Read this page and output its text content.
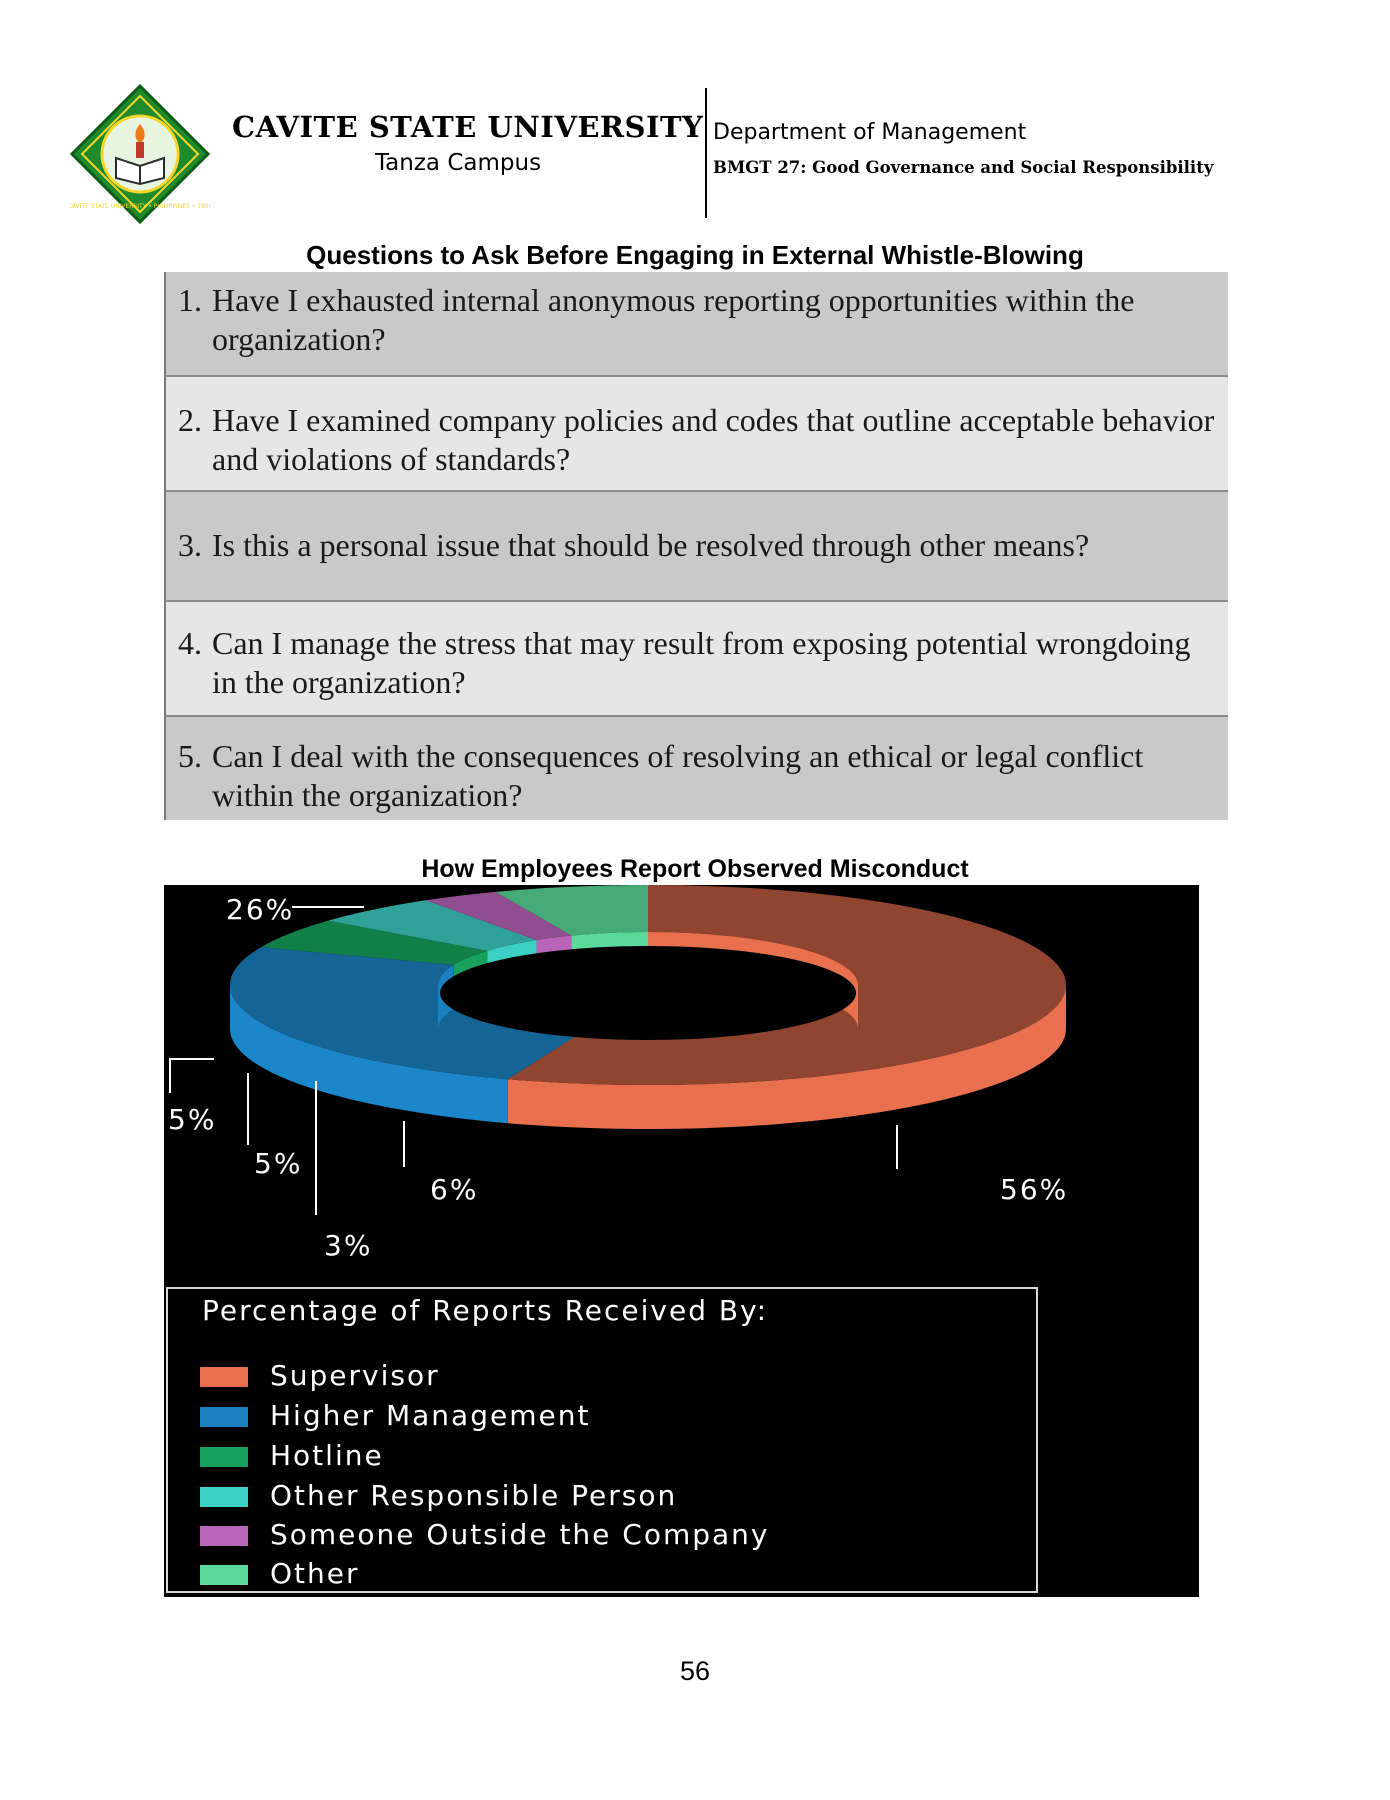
CAVITE STATE UNIVERSITY • PHILIPPINES • 1906
CAVITE STATE UNIVERSITY
Tanza Campus
Department of Management
BMGT 27: Good Governance and Social Responsibility
Questions to Ask Before Engaging in External Whistle-Blowing
1. Have I exhausted internal anonymous reporting opportunities within the organization?
2. Have I examined company policies and codes that outline acceptable behavior and violations of standards?
3. Is this a personal issue that should be resolved through other means?
4. Can I manage the stress that may result from exposing potential wrongdoing in the organization?
5. Can I deal with the consequences of resolving an ethical or legal conflict within the organization?
How Employees Report Observed Misconduct
26%
5%
5%
3%
6%	56%
Percentage of Reports Received By:
Supervisor
Higher Management
Hotline
Other Responsible Person
Someone Outside the Company
Other
56
